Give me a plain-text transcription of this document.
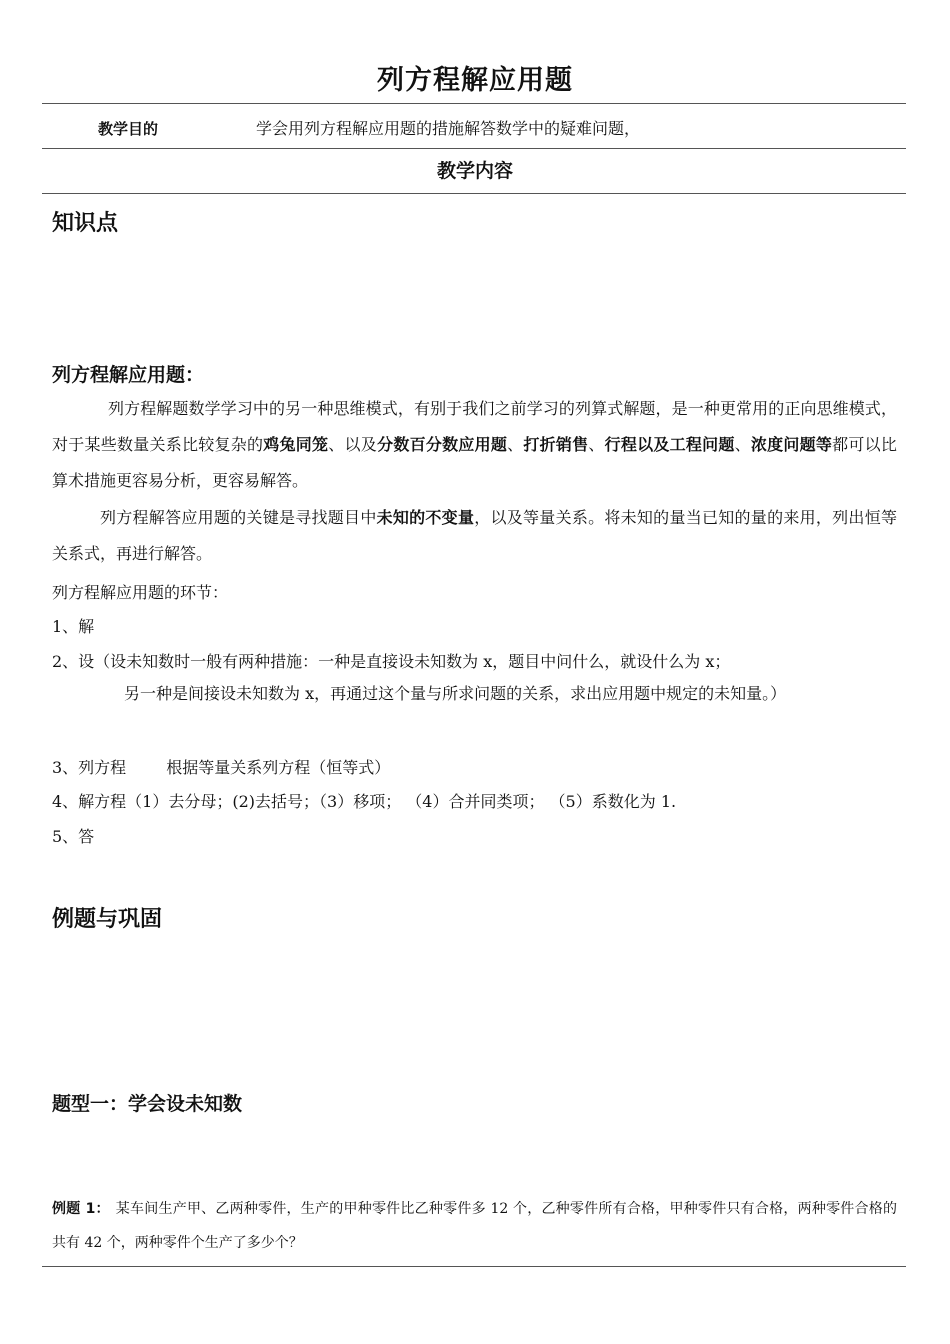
列方程解应用题
教学目的	学会用列方程解应用题的措施解答数学中的疑难问题，
教学内容
知识点
列方程解应用题：
列方程解题数学学习中的另一种思维模式，有别于我们之前学习的列算式解题，是一种更常用的正向思维模式，对于某些数量关系比较复杂的鸡兔同笼、以及分数百分数应用题、打折销售、行程以及工程问题、浓度问题等都可以比算术措施更容易分析，更容易解答。
列方程解答应用题的关键是寻找题目中未知的不变量，以及等量关系。将未知的量当已知的量的来用，列出恒等关系式，再进行解答。
列方程解应用题的环节：
1、解
2、设（设未知数时一般有两种措施：一种是直接设未知数为 x，题目中问什么，就设什么为 x；
另一种是间接设未知数为 x，再通过这个量与所求问题的关系，求出应用题中规定的未知量。）
3、列方程	根据等量关系列方程（恒等式）
4、解方程（1）去分母；(2)去括号；（3）移项； （4）合并同类项； （5）系数化为 1.
5、答
例题与巩固
题型一：学会设未知数
例题 1： 某车间生产甲、乙两种零件，生产的甲种零件比乙种零件多 12 个，乙种零件所有合格，甲种零件只有合格，两种零件合格的共有 42 个，两种零件个生产了多少个？
